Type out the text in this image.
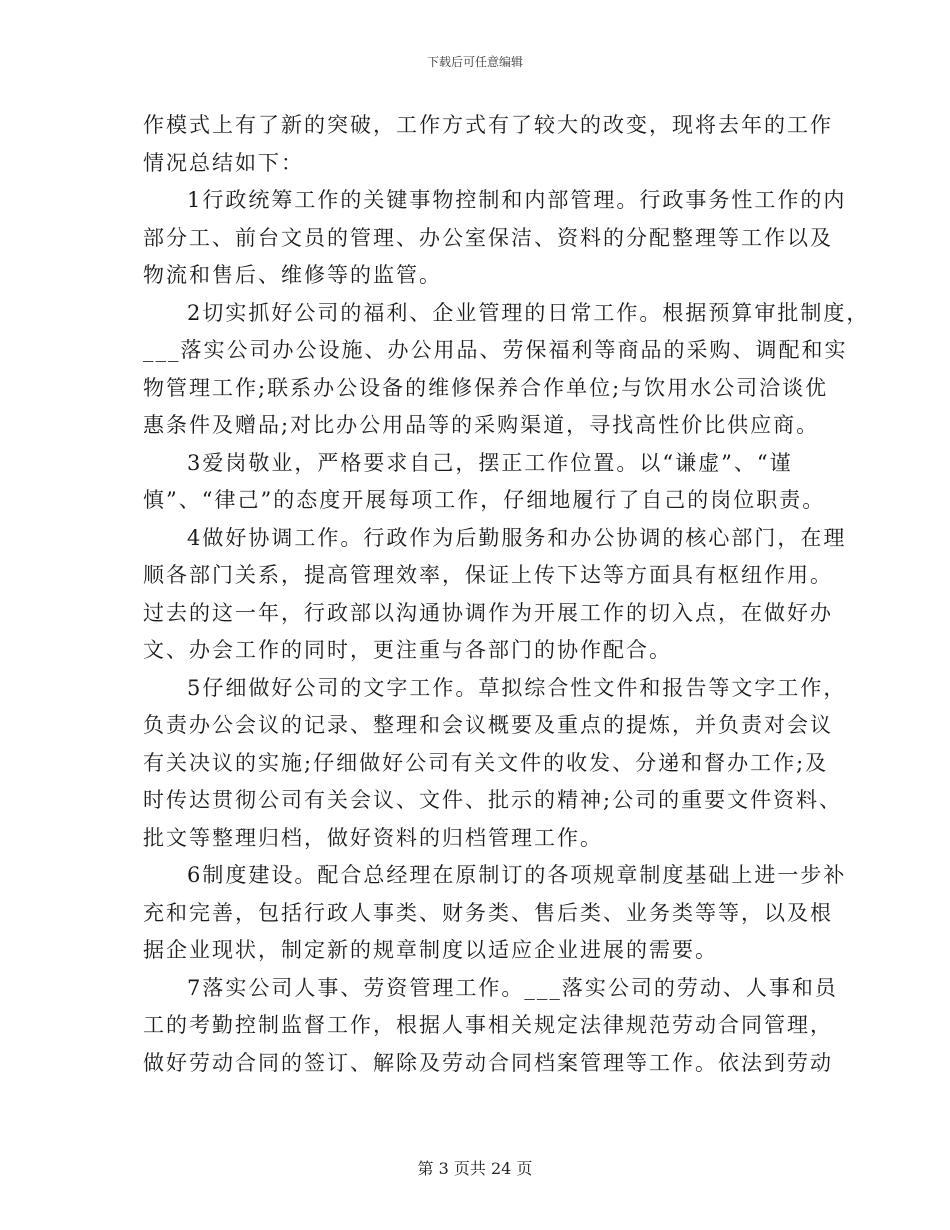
下载后可任意编辑
作模式上有了新的突破，工作方式有了较大的改变，现将去年的工作
情况总结如下：
1行政统筹工作的关键事物控制和内部管理。行政事务性工作的内
部分工、前台文员的管理、办公室保洁、资料的分配整理等工作以及
物流和售后、维修等的监管。
2切实抓好公司的福利、企业管理的日常工作。根据预算审批制度，
___落实公司办公设施、办公用品、劳保福利等商品的采购、调配和实
物管理工作;联系办公设备的维修保养合作单位;与饮用水公司洽谈优
惠条件及赠品;对比办公用品等的采购渠道，寻找高性价比供应商。
3爱岗敬业，严格要求自己，摆正工作位置。以“谦虚”、“谨
慎”、“律己”的态度开展每项工作，仔细地履行了自己的岗位职责。
4做好协调工作。行政作为后勤服务和办公协调的核心部门，在理
顺各部门关系，提高管理效率，保证上传下达等方面具有枢纽作用。
过去的这一年，行政部以沟通协调作为开展工作的切入点，在做好办
文、办会工作的同时，更注重与各部门的协作配合。
5仔细做好公司的文字工作。草拟综合性文件和报告等文字工作，
负责办公会议的记录、整理和会议概要及重点的提炼，并负责对会议
有关决议的实施;仔细做好公司有关文件的收发、分递和督办工作;及
时传达贯彻公司有关会议、文件、批示的精神;公司的重要文件资料、
批文等整理归档，做好资料的归档管理工作。
6制度建设。配合总经理在原制订的各项规章制度基础上进一步补
充和完善，包括行政人事类、财务类、售后类、业务类等等，以及根
据企业现状，制定新的规章制度以适应企业进展的需要。
7落实公司人事、劳资管理工作。___落实公司的劳动、人事和员
工的考勤控制监督工作，根据人事相关规定法律规范劳动合同管理，
做好劳动合同的签订、解除及劳动合同档案管理等工作。依法到劳动
第 3 页共 24 页
